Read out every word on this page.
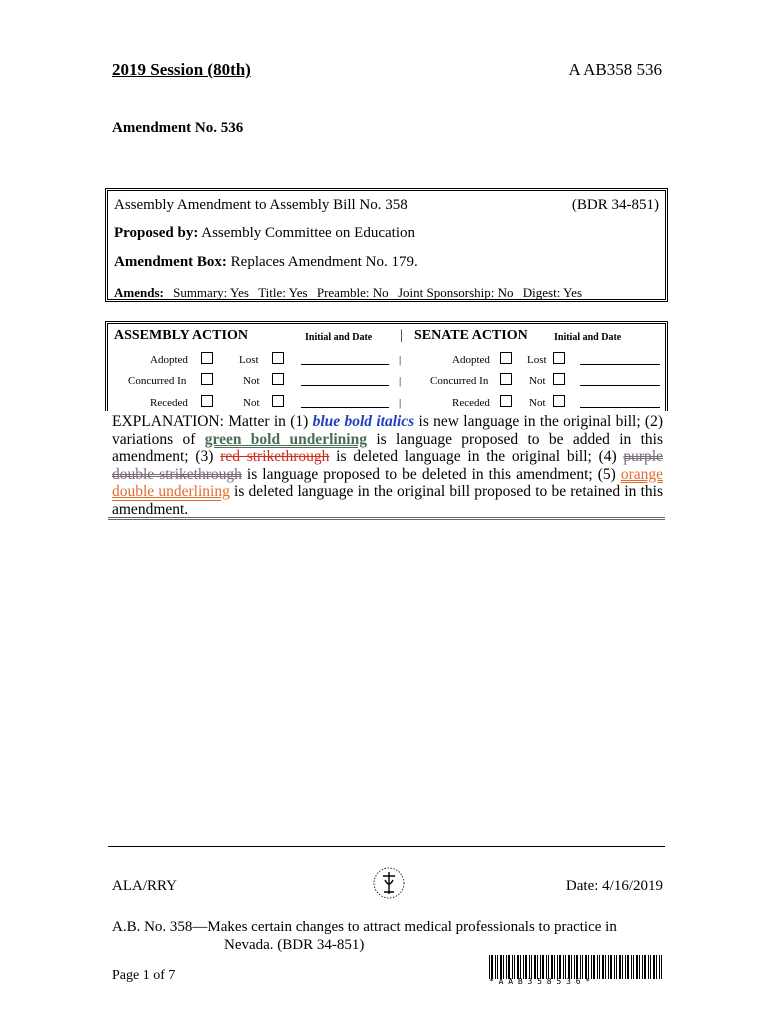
2019 Session (80th)	A AB358 536
Amendment No. 536
Assembly Amendment to Assembly Bill No. 358	(BDR 34-851)
Proposed by: Assembly Committee on Education
Amendment Box: Replaces Amendment No. 179.
Amends: Summary: Yes Title: Yes Preamble: No Joint Sponsorship: No Digest: Yes
ASSEMBLY ACTION	Initial and Date | SENATE ACTION	Initial and Date
Adopted	Lost	|	Adopted	Lost
Concurred In	Not	|	Concurred In	Not
Receded	Not	|	Receded	Not
EXPLANATION: Matter in (1) blue bold italics is new language in the original bill; (2) variations of green bold underlining is language proposed to be added in this amendment; (3) red strikethrough is deleted language in the original bill; (4) purple double strikethrough is language proposed to be deleted in this amendment; (5) orange double underlining is deleted language in the original bill proposed to be retained in this amendment.
ALA/RRY	Date: 4/16/2019
A.B. No. 358—Makes certain changes to attract medical professionals to practice in
Nevada. (BDR 34-851)
Page 1 of 7	* A A B 3 5 8 5 3 6 *
